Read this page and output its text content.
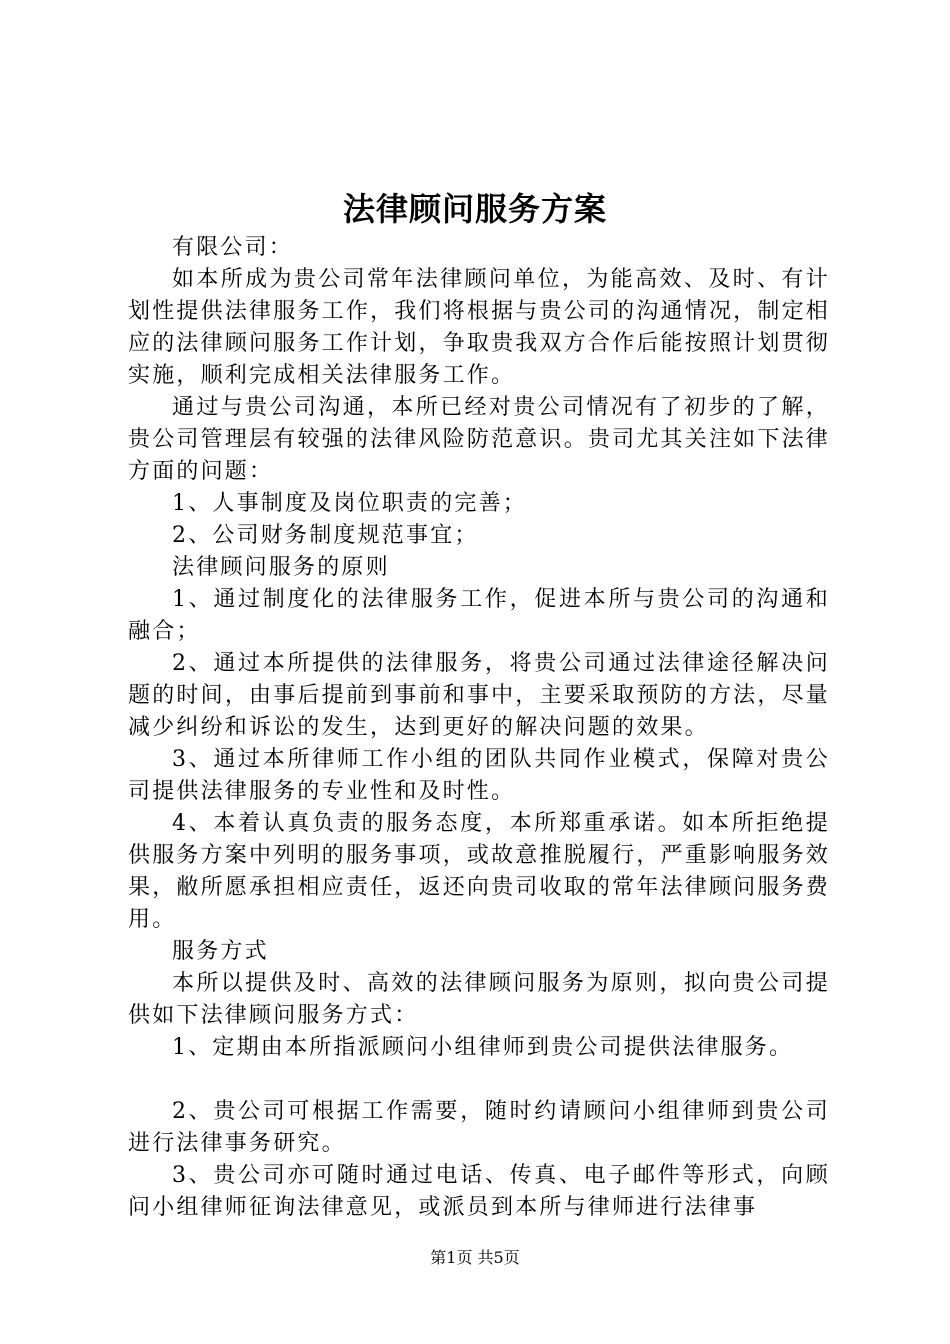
法律顾问服务方案

有限公司：

如本所成为贵公司常年法律顾问单位，为能高效、及时、有计划性提供法律服务工作，我们将根据与贵公司的沟通情况，制定相应的法律顾问服务工作计划，争取贵我双方合作后能按照计划贯彻实施，顺利完成相关法律服务工作。

通过与贵公司沟通，本所已经对贵公司情况有了初步的了解，贵公司管理层有较强的法律风险防范意识。贵司尤其关注如下法律方面的问题：

1、人事制度及岗位职责的完善；

2、公司财务制度规范事宜；

法律顾问服务的原则

1、通过制度化的法律服务工作，促进本所与贵公司的沟通和融合；

2、通过本所提供的法律服务，将贵公司通过法律途径解决问题的时间，由事后提前到事前和事中，主要采取预防的方法，尽量减少纠纷和诉讼的发生，达到更好的解决问题的效果。

3、通过本所律师工作小组的团队共同作业模式，保障对贵公司提供法律服务的专业性和及时性。

4、本着认真负责的服务态度，本所郑重承诺。如本所拒绝提供服务方案中列明的服务事项，或故意推脱履行，严重影响服务效果，敝所愿承担相应责任，返还向贵司收取的常年法律顾问服务费用。

服务方式

本所以提供及时、高效的法律顾问服务为原则，拟向贵公司提供如下法律顾问服务方式：

1、定期由本所指派顾问小组律师到贵公司提供法律服务。

2、贵公司可根据工作需要，随时约请顾问小组律师到贵公司进行法律事务研究。

3、贵公司亦可随时通过电话、传真、电子邮件等形式，向顾问小组律师征询法律意见，或派员到本所与律师进行法律事

第1页 共5页
